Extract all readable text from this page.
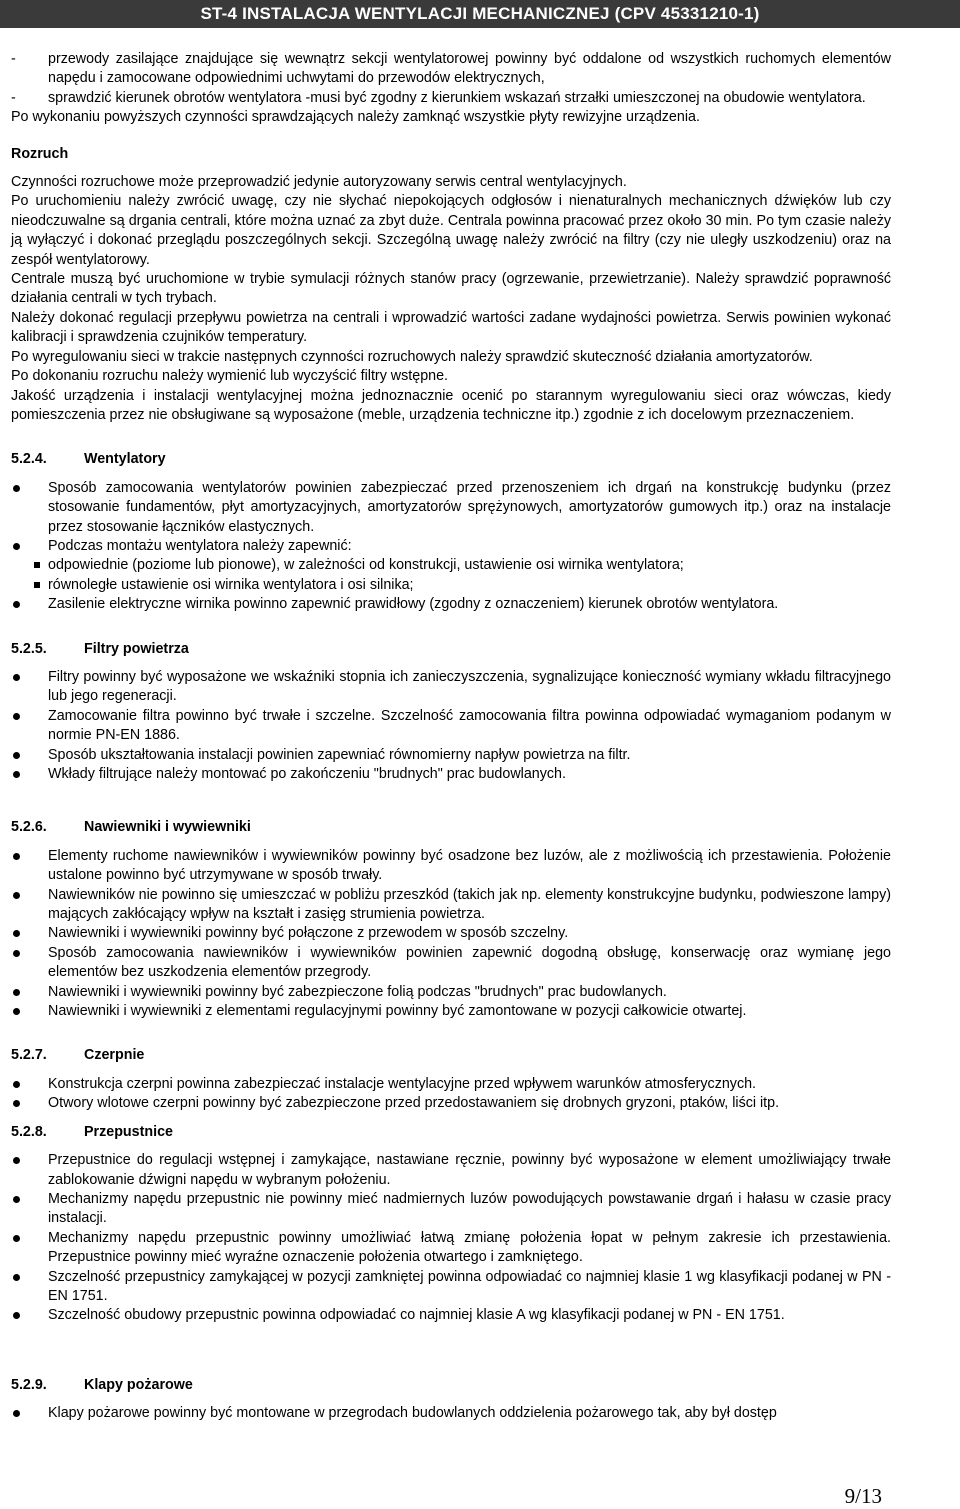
ST-4 INSTALACJA WENTYLACJI MECHANICZNEJ (CPV 45331210-1)
- przewody zasilające znajdujące się wewnątrz sekcji wentylatorowej powinny być oddalone od wszystkich ruchomych elementów napędu i zamocowane odpowiednimi uchwytami do przewodów elektrycznych,
- sprawdzić kierunek obrotów wentylatora -musi być zgodny z kierunkiem wskazań strzałki umieszczonej na obudowie wentylatora.

Po wykonaniu powyższych czynności sprawdzających należy zamknąć wszystkie płyty rewizyjne urządzenia.

Rozruch

Czynności rozruchowe może przeprowadzić jedynie autoryzowany serwis central wentylacyjnych.

Po uruchomieniu należy zwrócić uwagę, czy nie słychać niepokojących odgłosów i nienaturalnych mechanicznych dźwięków lub czy nieodczuwalne są drgania centrali, które można uznać za zbyt duże. Centrala powinna pracować przez około 30 min. Po tym czasie należy ją wyłączyć i dokonać przeglądu poszczególnych sekcji. Szczególną uwagę należy zwrócić na filtry (czy nie uległy uszkodzeniu) oraz na zespół wentylatorowy.

Centrale muszą być uruchomione w trybie symulacji różnych stanów pracy (ogrzewanie, przewietrzanie). Należy sprawdzić poprawność działania centrali w tych trybach.

Należy dokonać regulacji przepływu powietrza na centrali i wprowadzić wartości zadane wydajności powietrza. Serwis powinien wykonać kalibracji i sprawdzenia czujników temperatury.

Po wyregulowaniu sieci w trakcie następnych czynności rozruchowych należy sprawdzić skuteczność działania amortyzatorów.

Po dokonaniu rozruchu należy wymienić lub wyczyścić filtry wstępne.

Jakość urządzenia i instalacji wentylacyjnej można jednoznacznie ocenić po starannym wyregulowaniu sieci oraz wówczas, kiedy pomieszczenia przez nie obsługiwane są wyposażone (meble, urządzenia techniczne itp.) zgodnie z ich docelowym przeznaczeniem.

5.2.4.	Wentylatory
Sposób zamocowania wentylatorów powinien zabezpieczać przed przenoszeniem ich drgań na konstrukcję budynku (przez stosowanie fundamentów, płyt amortyzacyjnych, amortyzatorów sprężynowych, amortyzatorów gumowych itp.) oraz na instalacje przez stosowanie łączników elastycznych.
Podczas montażu wentylatora należy zapewnić:
odpowiednie (poziome lub pionowe), w zależności od konstrukcji, ustawienie osi wirnika wentylatora;
równoległe ustawienie osi wirnika wentylatora i osi silnika;
Zasilenie elektryczne wirnika powinno zapewnić prawidłowy (zgodny z oznaczeniem) kierunek obrotów wentylatora.
5.2.5.	Filtry powietrza
Filtry powinny być wyposażone we wskaźniki stopnia ich zanieczyszczenia, sygnalizujące konieczność wymiany wkładu filtracyjnego lub jego regeneracji.
Zamocowanie filtra powinno być trwałe i szczelne. Szczelność zamocowania filtra powinna odpowiadać wymaganiom podanym w normie PN-EN 1886.
Sposób ukształtowania instalacji powinien zapewniać równomierny napływ powietrza na filtr.
Wkłady filtrujące należy montować po zakończeniu "brudnych" prac budowlanych.
5.2.6.	Nawiewniki i wywiewniki
Elementy ruchome nawiewników i wywiewników powinny być osadzone bez luzów, ale z możliwością ich przestawienia. Położenie ustalone powinno być utrzymywane w sposób trwały.
Nawiewników nie powinno się umieszczać w pobliżu przeszkód (takich jak np. elementy konstrukcyjne budynku, podwieszone lampy) mających zakłócający wpływ na kształt i zasięg strumienia powietrza.
Nawiewniki i wywiewniki powinny być połączone z przewodem w sposób szczelny.
Sposób zamocowania nawiewników i wywiewników powinien zapewnić dogodną obsługę, konserwację oraz wymianę jego elementów bez uszkodzenia elementów przegrody.
Nawiewniki i wywiewniki powinny być zabezpieczone folią podczas "brudnych" prac budowlanych.
Nawiewniki i wywiewniki z elementami regulacyjnymi powinny być zamontowane w pozycji całkowicie otwartej.
5.2.7.	Czerpnie
Konstrukcja czerpni powinna zabezpieczać instalacje wentylacyjne przed wpływem warunków atmosferycznych.
Otwory wlotowe czerpni powinny być zabezpieczone przed przedostawaniem się drobnych gryzoni, ptaków, liści itp.
5.2.8.	Przepustnice
Przepustnice do regulacji wstępnej i zamykające, nastawiane ręcznie, powinny być wyposażone w element umożliwiający trwałe zablokowanie dźwigni napędu w wybranym położeniu.
Mechanizmy napędu przepustnic nie powinny mieć nadmiernych luzów powodujących powstawanie drgań i hałasu w czasie pracy instalacji.
Mechanizmy napędu przepustnic powinny umożliwiać łatwą zmianę położenia łopat w pełnym zakresie ich przestawienia. Przepustnice powinny mieć wyraźne oznaczenie położenia otwartego i zamkniętego.
Szczelność przepustnicy zamykającej w pozycji zamkniętej powinna odpowiadać co najmniej klasie 1 wg klasyfikacji podanej w PN - EN 1751.
Szczelność obudowy przepustnic powinna odpowiadać co najmniej klasie A wg klasyfikacji podanej w PN - EN 1751.
5.2.9.	Klapy pożarowe
Klapy pożarowe powinny być montowane w przegrodach budowlanych oddzielenia pożarowego tak, aby był dostęp
9/13
